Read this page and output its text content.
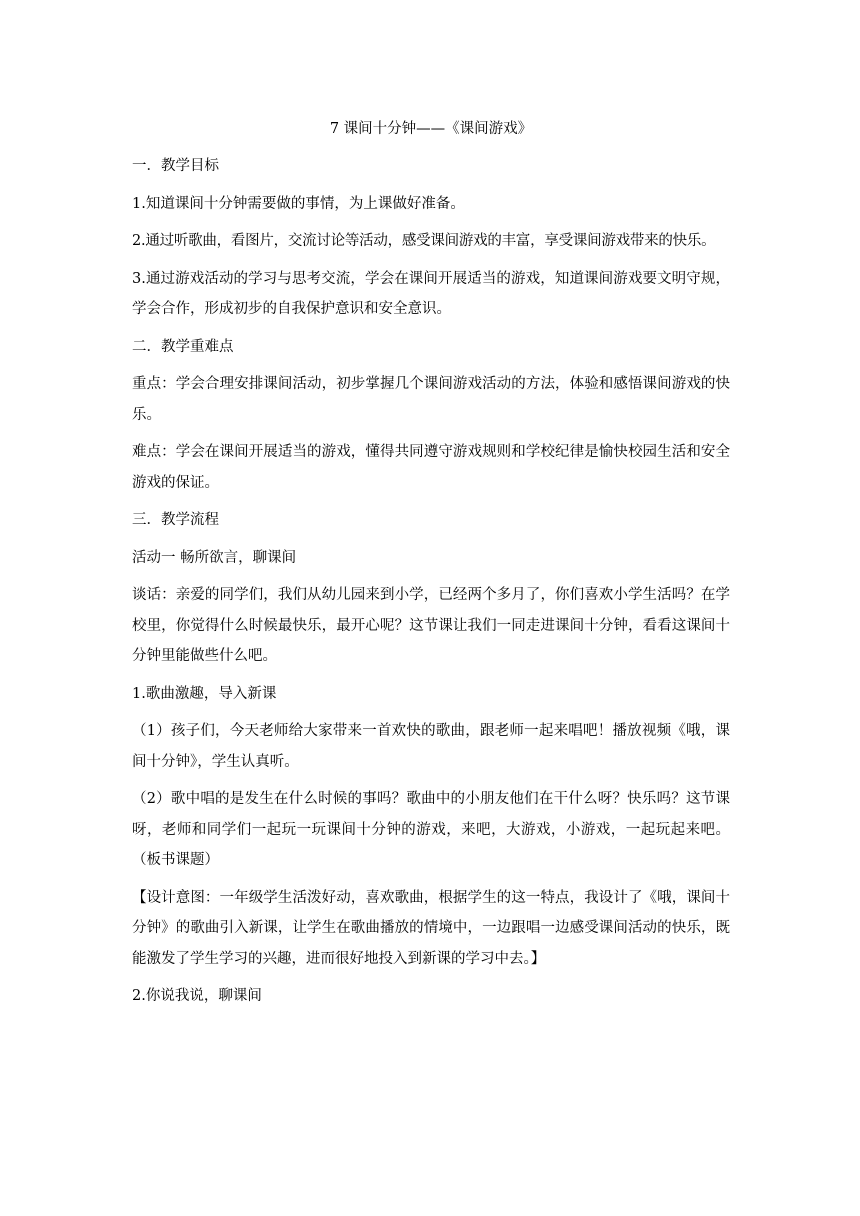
7 课间十分钟——《课间游戏》

一．教学目标

1.知道课间十分钟需要做的事情，为上课做好准备。

2.通过听歌曲，看图片，交流讨论等活动，感受课间游戏的丰富，享受课间游戏带来的快乐。

3.通过游戏活动的学习与思考交流，学会在课间开展适当的游戏，知道课间游戏要文明守规，学会合作，形成初步的自我保护意识和安全意识。

二．教学重难点

重点：学会合理安排课间活动，初步掌握几个课间游戏活动的方法，体验和感悟课间游戏的快乐。

难点：学会在课间开展适当的游戏，懂得共同遵守游戏规则和学校纪律是愉快校园生活和安全游戏的保证。

三．教学流程

活动一 畅所欲言，聊课间

谈话：亲爱的同学们，我们从幼儿园来到小学，已经两个多月了，你们喜欢小学生活吗？在学校里，你觉得什么时候最快乐，最开心呢？这节课让我们一同走进课间十分钟，看看这课间十分钟里能做些什么吧。

1.歌曲激趣，导入新课

（1）孩子们，今天老师给大家带来一首欢快的歌曲，跟老师一起来唱吧！播放视频《哦，课间十分钟》，学生认真听。

（2）歌中唱的是发生在什么时候的事吗？歌曲中的小朋友他们在干什么呀？快乐吗？这节课呀，老师和同学们一起玩一玩课间十分钟的游戏，来吧，大游戏，小游戏，一起玩起来吧。（板书课题）

【设计意图：一年级学生活泼好动，喜欢歌曲，根据学生的这一特点，我设计了《哦，课间十分钟》的歌曲引入新课，让学生在歌曲播放的情境中，一边跟唱一边感受课间活动的快乐，既能激发了学生学习的兴趣，进而很好地投入到新课的学习中去。】

2.你说我说，聊课间
